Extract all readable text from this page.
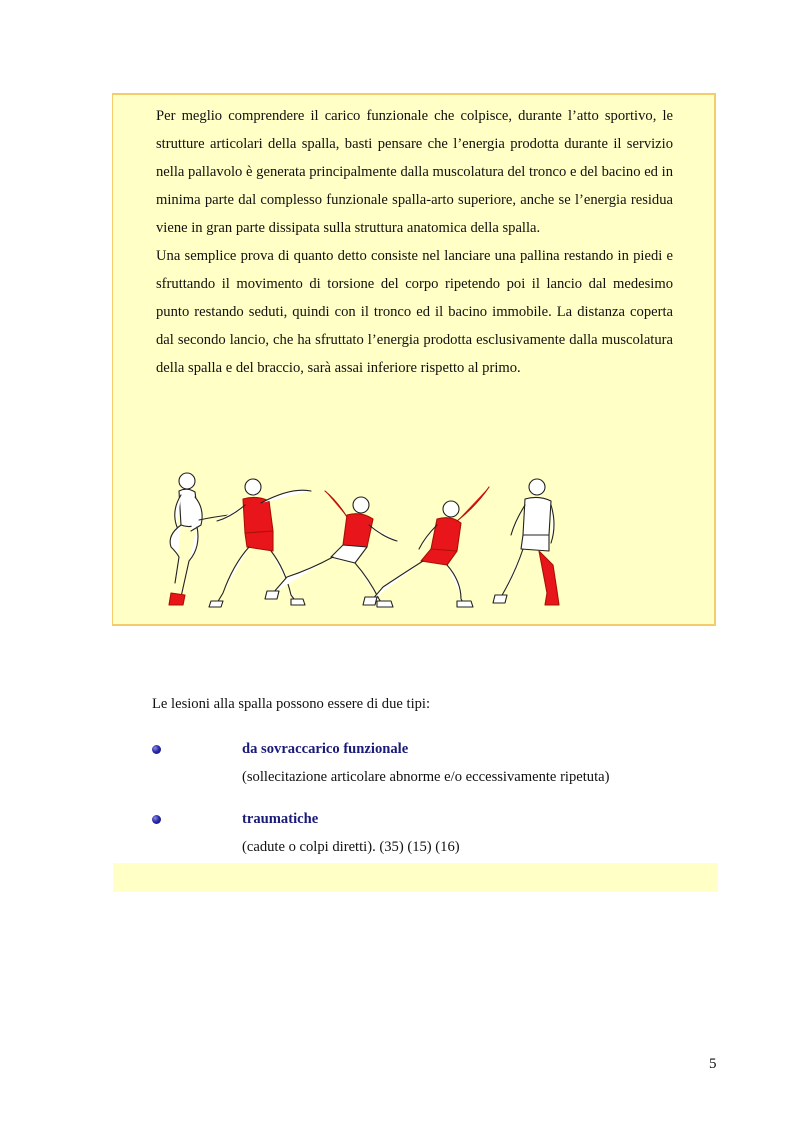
Per meglio comprendere il carico funzionale che colpisce, durante l’atto sportivo, le strutture articolari della spalla, basti pensare che l’energia prodotta durante il servizio nella pallavolo è generata principalmente dalla muscolatura del tronco e del bacino ed in minima parte dal complesso funzionale spalla-arto superiore, anche se l’energia residua viene in gran parte dissipata sulla struttura anatomica della spalla.

Una semplice prova di quanto detto consiste nel lanciare una pallina restando in piedi e sfruttando il movimento di torsione del corpo ripetendo poi il lancio dal medesimo punto restando seduti, quindi con il tronco ed il bacino immobile. La distanza coperta dal secondo lancio, che ha sfruttato l’energia prodotta esclusivamente dalla muscolatura della spalla e del braccio, sarà assai inferiore rispetto al primo.

Le lesioni alla spalla possono essere di due tipi:

da sovraccarico funzionale

(sollecitazione articolare abnorme e/o eccessivamente ripetuta)

traumatiche

(cadute o colpi diretti). (35) (15) (16)

5
